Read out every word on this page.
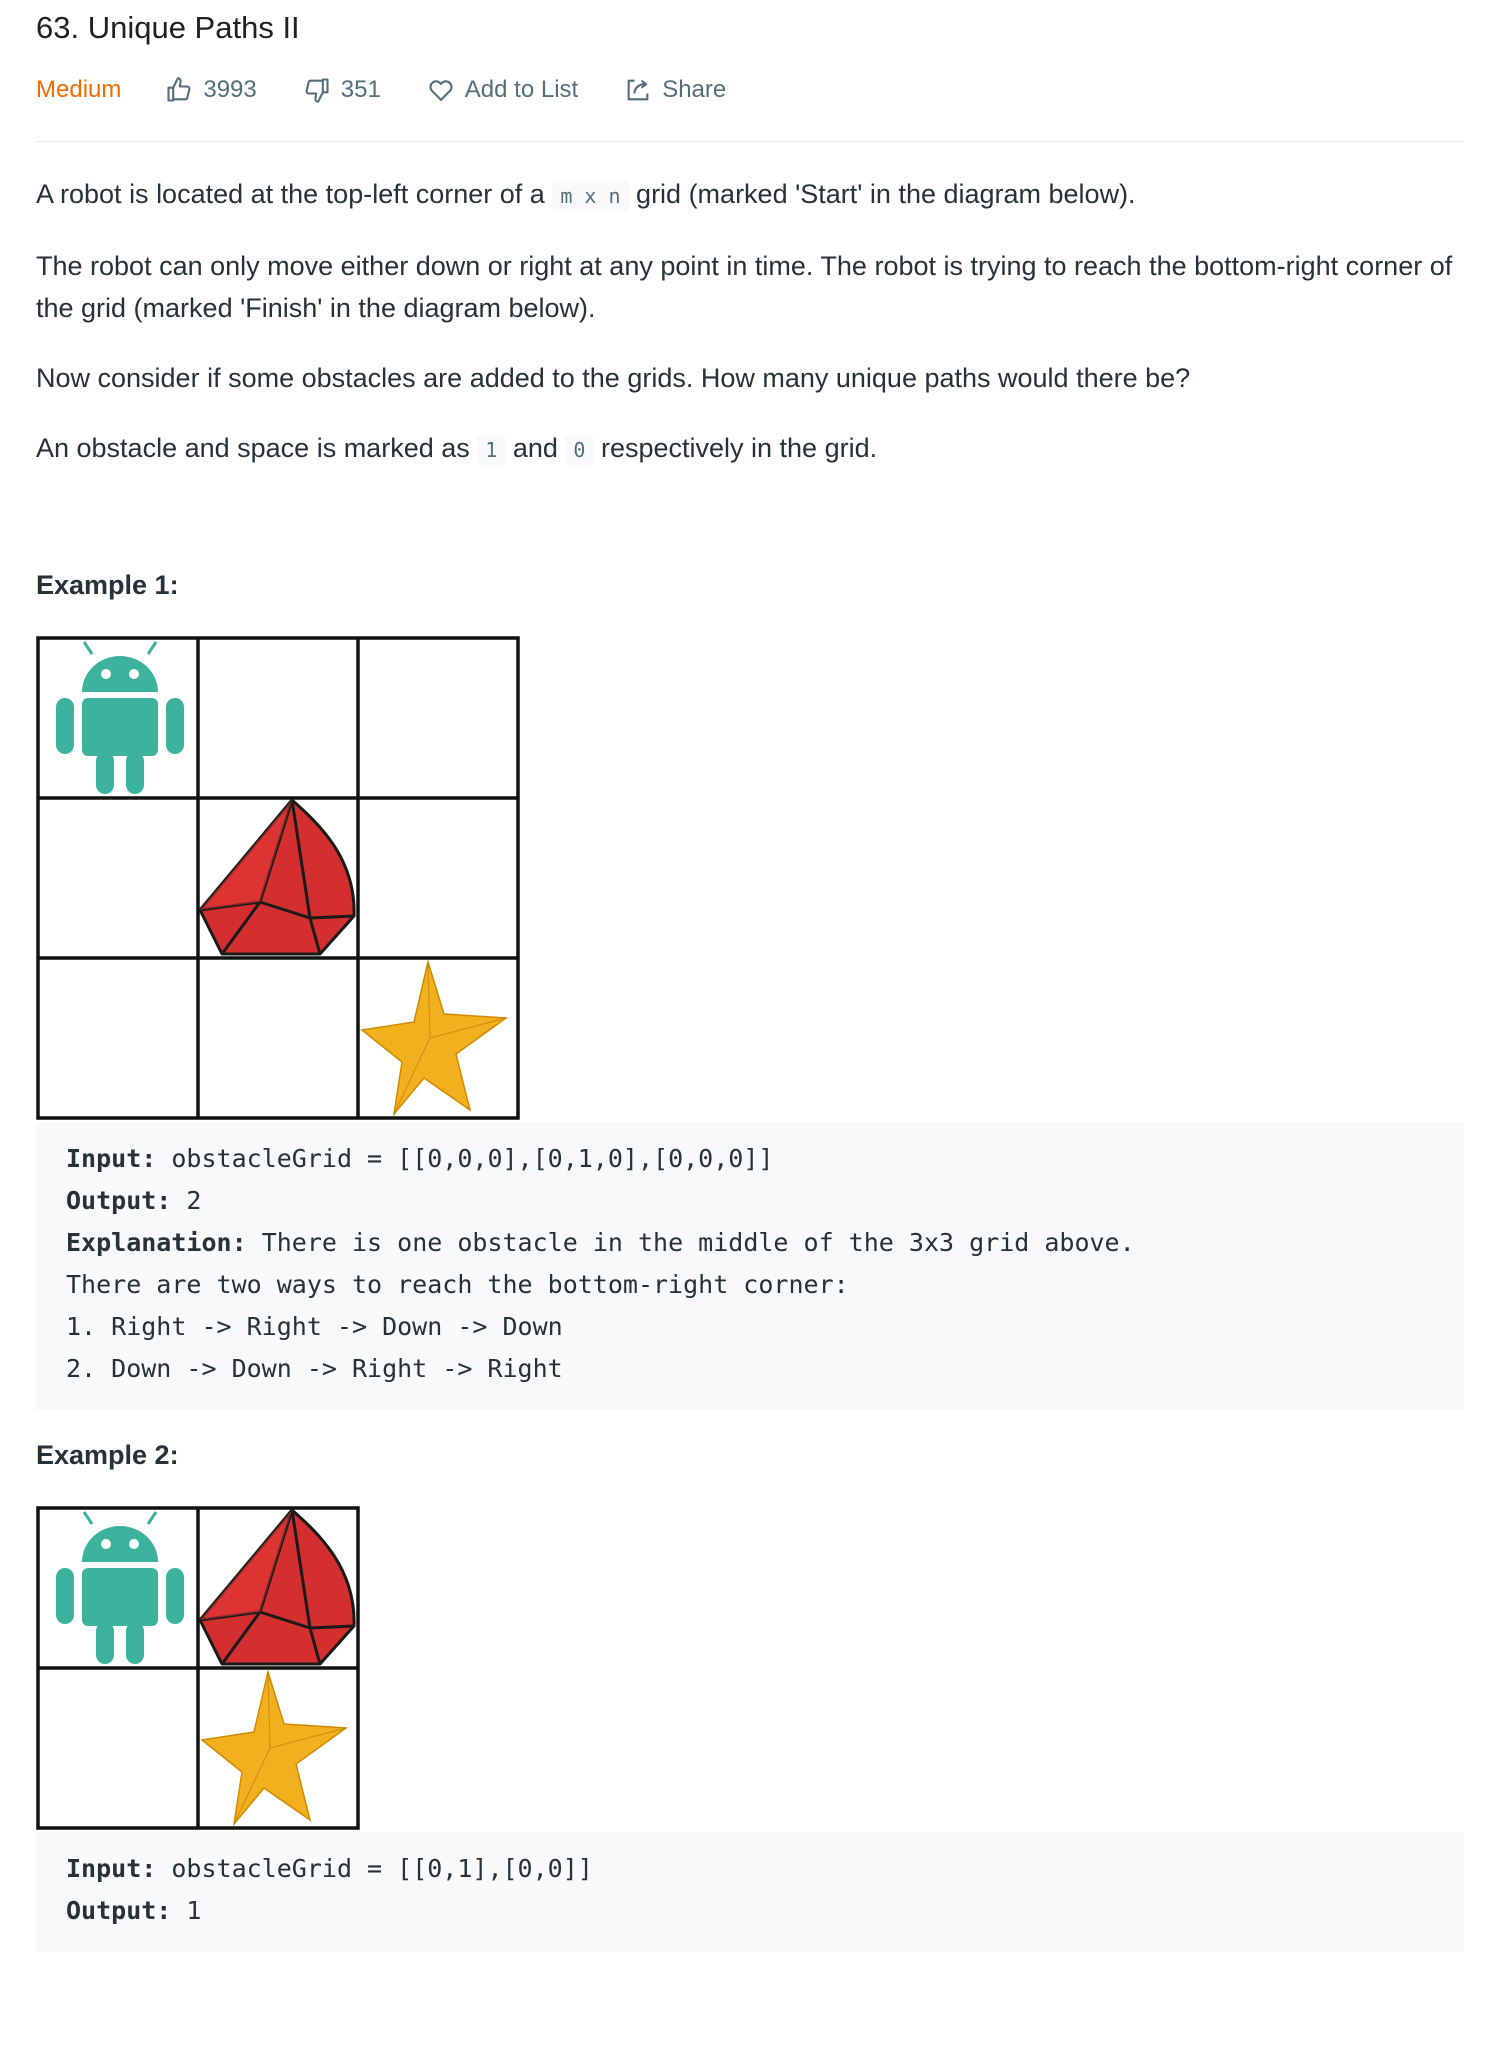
63. Unique Paths II
Medium	3993	351	Add to List	Share
A robot is located at the top-left corner of a m x n grid (marked 'Start' in the diagram below).
The robot can only move either down or right at any point in time. The robot is trying to reach the bottom-right corner of the grid (marked 'Finish' in the diagram below).
Now consider if some obstacles are added to the grids. How many unique paths would there be?
An obstacle and space is marked as 1 and 0 respectively in the grid.
Example 1:
Input: obstacleGrid = [[0,0,0],[0,1,0],[0,0,0]]
Output: 2
Explanation: There is one obstacle in the middle of the 3x3 grid above.
There are two ways to reach the bottom-right corner:
1. Right -> Right -> Down -> Down
2. Down -> Down -> Right -> Right
Example 2:
Input: obstacleGrid = [[0,1],[0,0]]
Output: 1
